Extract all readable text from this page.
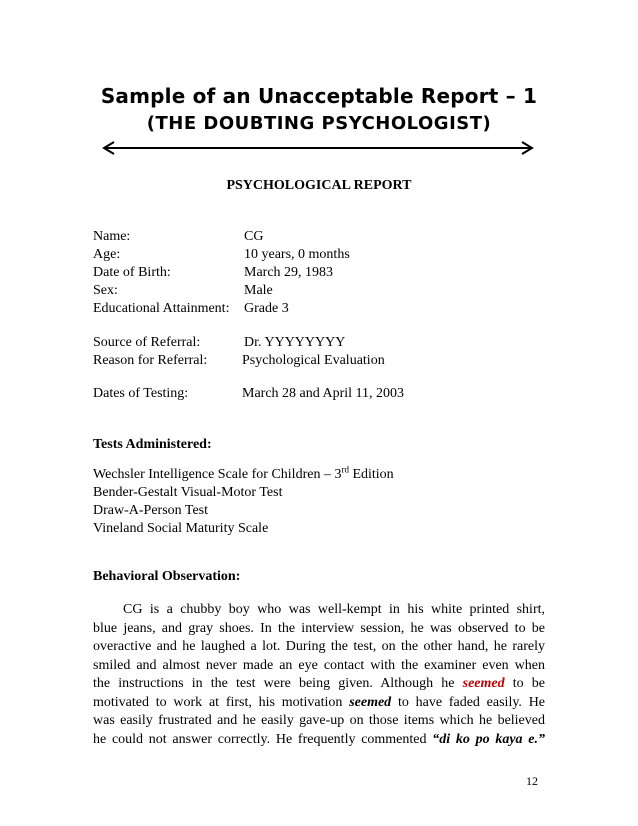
Sample of an Unacceptable Report – 1
(THE DOUBTING PSYCHOLOGIST)
PSYCHOLOGICAL REPORT
Name:	CG
Age:	10 years, 0 months
Date of Birth:	March 29, 1983
Sex:	Male
Educational Attainment: Grade 3
Source of Referral:	Dr. YYYYYYYY
Reason for Referral: Psychological Evaluation
Dates of Testing:	March 28 and April 11, 2003
Tests Administered:
Wechsler Intelligence Scale for Children – 3rd Edition
Bender-Gestalt Visual-Motor Test
Draw-A-Person Test
Vineland Social Maturity Scale
Behavioral Observation:
CG is a chubby boy who was well-kempt in his white printed shirt,
blue jeans, and gray shoes. In the interview session, he was observed to be
overactive and he laughed a lot. During the test, on the other hand, he rarely
smiled and almost never made an eye contact with the examiner even when
the instructions in the test were being given. Although he seemed to be
motivated to work at first, his motivation seemed to have faded easily. He
was easily frustrated and he easily gave-up on those items which he believed
he could not answer correctly. He frequently commented “di ko po kaya e.”
12
